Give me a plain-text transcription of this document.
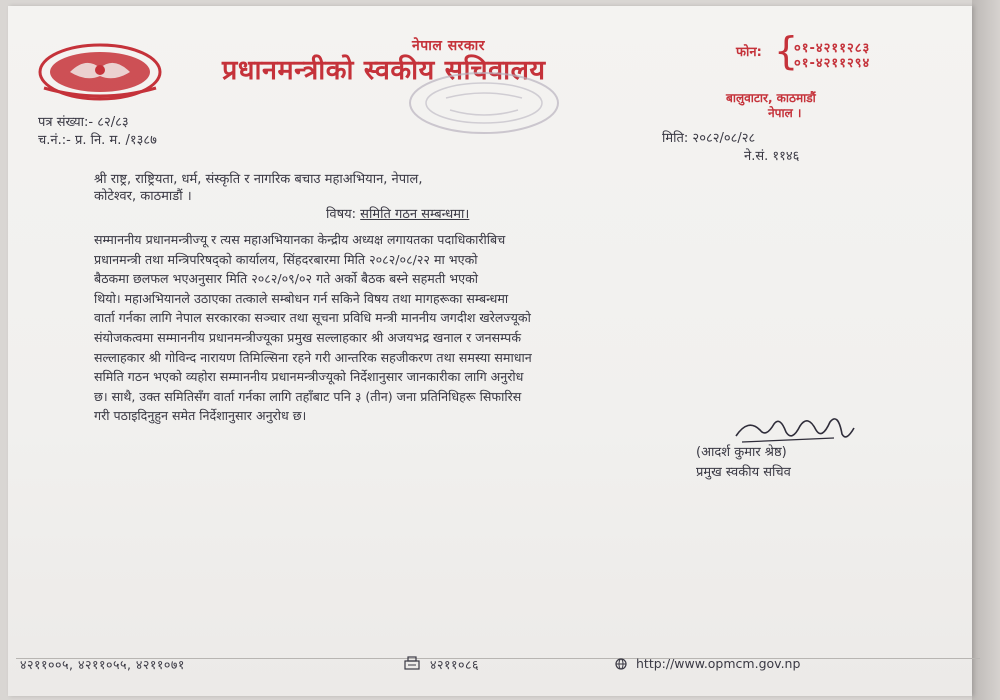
नेपाल सरकार
प्रधानमन्त्रीको स्वकीय सचिवालय
फोन: {
०१-४२११२८३
०१-४२११२९४
बालुवाटार, काठमाडौं
नेपाल ।
पत्र संख्या:- ८२/८३
च.नं.:- प्र. नि. म. /१३८७	मिति: २०८२/०८/२८
ने.सं. ११४६
श्री राष्ट्र, राष्ट्रियता, धर्म, संस्कृति र नागरिक बचाउ महाअभियान, नेपाल,
कोटेश्वर, काठमाडौं ।
विषय: समिति गठन सम्बन्धमा।
सम्माननीय प्रधानमन्त्रीज्यू र त्यस महाअभियानका केन्द्रीय अध्यक्ष लगायतका पदाधिकारीबिच
प्रधानमन्त्री तथा मन्त्रिपरिषद्को कार्यालय, सिंहदरबारमा मिति २०८२/०८/२२ मा भएको
बैठकमा छलफल भएअनुसार मिति २०८२/०९/०२ गते अर्को बैठक बस्ने सहमती भएको
थियो। महाअभियानले उठाएका तत्काले सम्बोधन गर्न सकिने विषय तथा मागहरूका सम्बन्धमा
वार्ता गर्नका लागि नेपाल सरकारका सञ्चार तथा सूचना प्रविधि मन्त्री माननीय जगदीश खरेलज्यूको
संयोजकत्वमा सम्माननीय प्रधानमन्त्रीज्यूका प्रमुख सल्लाहकार श्री अजयभद्र खनाल र जनसम्पर्क
सल्लाहकार श्री गोविन्द नारायण तिमिल्सिना रहने गरी आन्तरिक सहजीकरण तथा समस्या समाधान
समिति गठन भएको व्यहोरा सम्माननीय प्रधानमन्त्रीज्यूको निर्देशानुसार जानकारीका लागि अनुरोध
छ। साथै, उक्त समितिसँग वार्ता गर्नका लागि तहाँबाट पनि ३ (तीन) जना प्रतिनिधिहरू सिफारिस
गरी पठाइदिनुहुन समेत निर्देशानुसार अनुरोध छ।
(आदर्श कुमार श्रेष्ठ)
प्रमुख स्वकीय सचिव
४२११००५, ४२११०५५, ४२११०७१	४२११०८६	http://www.opmcm.gov.np
